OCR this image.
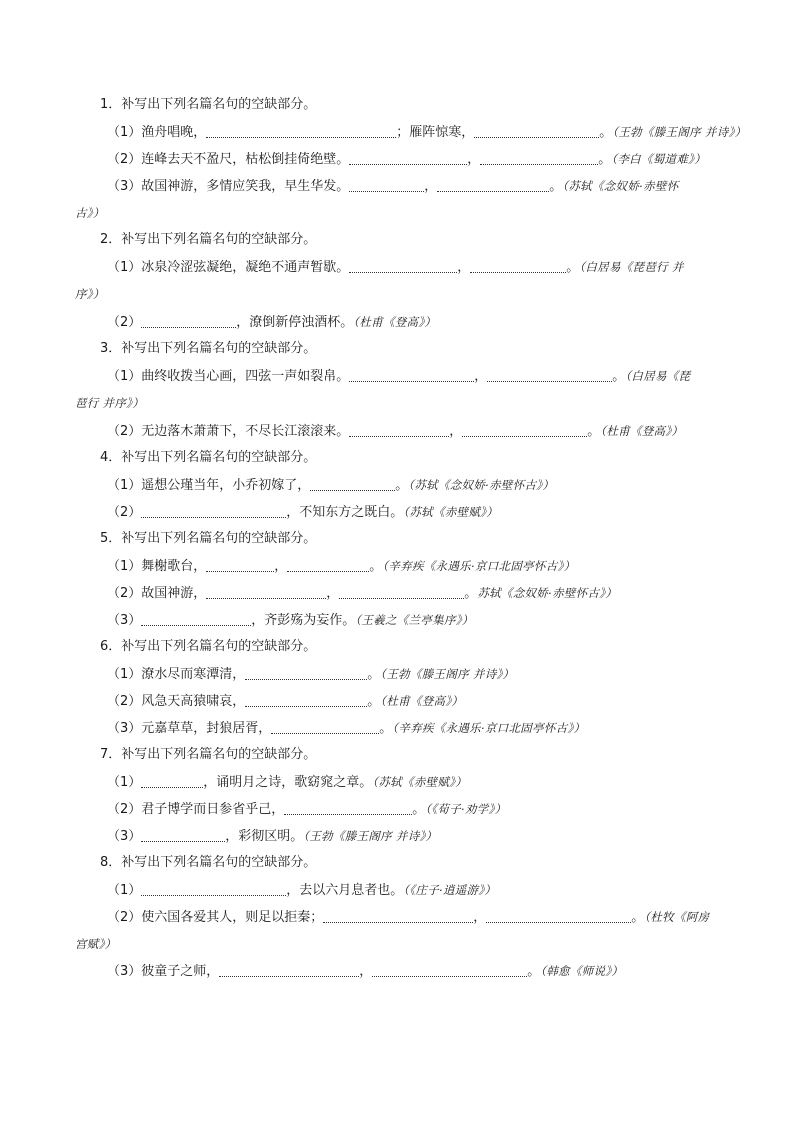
1．补写出下列名篇名句的空缺部分。
（1）渔舟唱晚，	；雁阵惊寒，	。（王勃《滕王阁序 并诗》）
（2）连峰去天不盈尺，枯松倒挂倚绝壁。	，	。（李白《蜀道难》）
（3）故国神游，多情应笑我，早生华发。	，	。（苏轼《念奴娇·赤壁怀
古》）
2．补写出下列名篇名句的空缺部分。
（1）冰泉冷涩弦凝绝，凝绝不通声暂歇。	，	。（白居易《琵琶行 并
序》）
（2）	，潦倒新停浊酒杯。（杜甫《登高》）
3．补写出下列名篇名句的空缺部分。
（1）曲终收拨当心画，四弦一声如裂帛。	，	。（白居易《琵
琶行 并序》）
（2）无边落木萧萧下，不尽长江滚滚来。	，	。（杜甫《登高》）
4．补写出下列名篇名句的空缺部分。
（1）遥想公瑾当年，小乔初嫁了，	。（苏轼《念奴娇·赤壁怀古》）
（2）	，不知东方之既白。（苏轼《赤壁赋》）
5．补写出下列名篇名句的空缺部分。
（1）舞榭歌台，	，	。（辛弃疾《永遇乐·京口北固亭怀古》）
（2）故国神游，	，	。苏轼《念奴娇·赤壁怀古》）
（3）	，齐彭殇为妄作。（王羲之《兰亭集序》）
6．补写出下列名篇名句的空缺部分。
（1）潦水尽而寒潭清，	。（王勃《滕王阁序 并诗》）
（2）风急天高猿啸哀，	。（杜甫《登高》）
（3）元嘉草草，封狼居胥，	。（辛弃疾《永遇乐·京口北固亭怀古》）
7．补写出下列名篇名句的空缺部分。
（1）	，诵明月之诗，歌窈窕之章。（苏轼《赤壁赋》）
（2）君子博学而日参省乎己，	。（《荀子·劝学》）
（3）	，彩彻区明。（王勃《滕王阁序 并诗》）
8．补写出下列名篇名句的空缺部分。
（1）	，去以六月息者也。（《庄子·逍遥游》）
（2）使六国各爱其人，则足以拒秦；	，	。（杜牧《阿房
宫赋》）
（3）彼童子之师，	，	。（韩愈《师说》）
